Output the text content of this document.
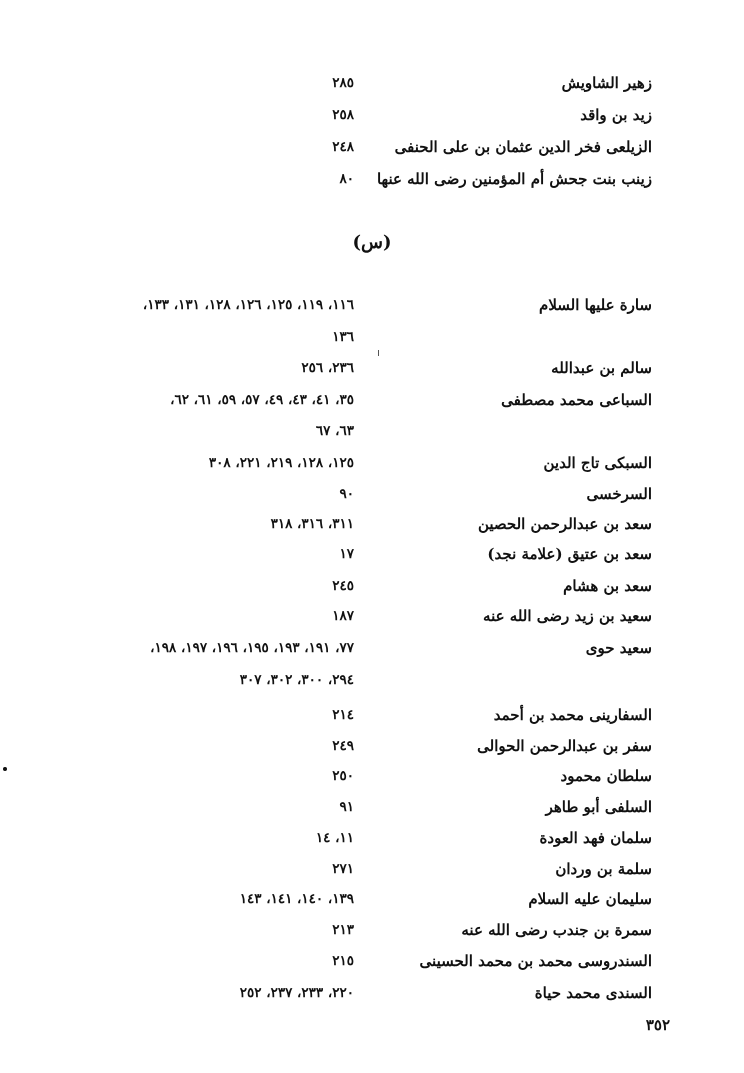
زهير الشاويش
٢٨٥
زيد بن واقد
٢٥٨
الزيلعى فخر الدين عثمان بن على الحنفى
٢٤٨
زينب بنت جحش أم المؤمنين رضى الله عنها
٨٠
(س)
سارة عليها السلام
١١٦، ١١٩، ١٢٥، ١٢٦، ١٢٨، ١٣١، ١٣٣،
١٣٦
سالم بن عبدالله
٢٣٦، ٢٥٦
السباعى محمد مصطفى
٣٥، ٤١، ٤٣، ٤٩، ٥٧، ٥٩، ٦١، ٦٢،
٦٣، ٦٧
السبكى تاج الدين
١٢٥، ١٢٨، ٢١٩، ٢٢١، ٣٠٨
السرخسى
٩٠
سعد بن عبدالرحمن الحصين
٣١١، ٣١٦، ٣١٨
سعد بن عتيق (علامة نجد)
١٧
سعد بن هشام
٢٤٥
سعيد بن زيد رضى الله عنه
١٨٧
سعيد حوى
٧٧، ١٩١، ١٩٣، ١٩٥، ١٩٦، ١٩٧، ١٩٨،
٢٩٤، ٣٠٠، ٣٠٢، ٣٠٧
السفارينى محمد بن أحمد
٢١٤
سفر بن عبدالرحمن الحوالى
٢٤٩
سلطان محمود
٢٥٠
السلفى أبو طاهر
٩١
سلمان فهد العودة
١١، ١٤
سلمة بن وردان
٢٧١
سليمان عليه السلام
١٣٩، ١٤٠، ١٤١، ١٤٣
سمرة بن جندب رضى الله عنه
٢١٣
السندروسى محمد بن محمد الحسينى
٢١٥
السندى محمد حياة
٢٢٠، ٢٣٣، ٢٣٧، ٢٥٢
٣٥٢
